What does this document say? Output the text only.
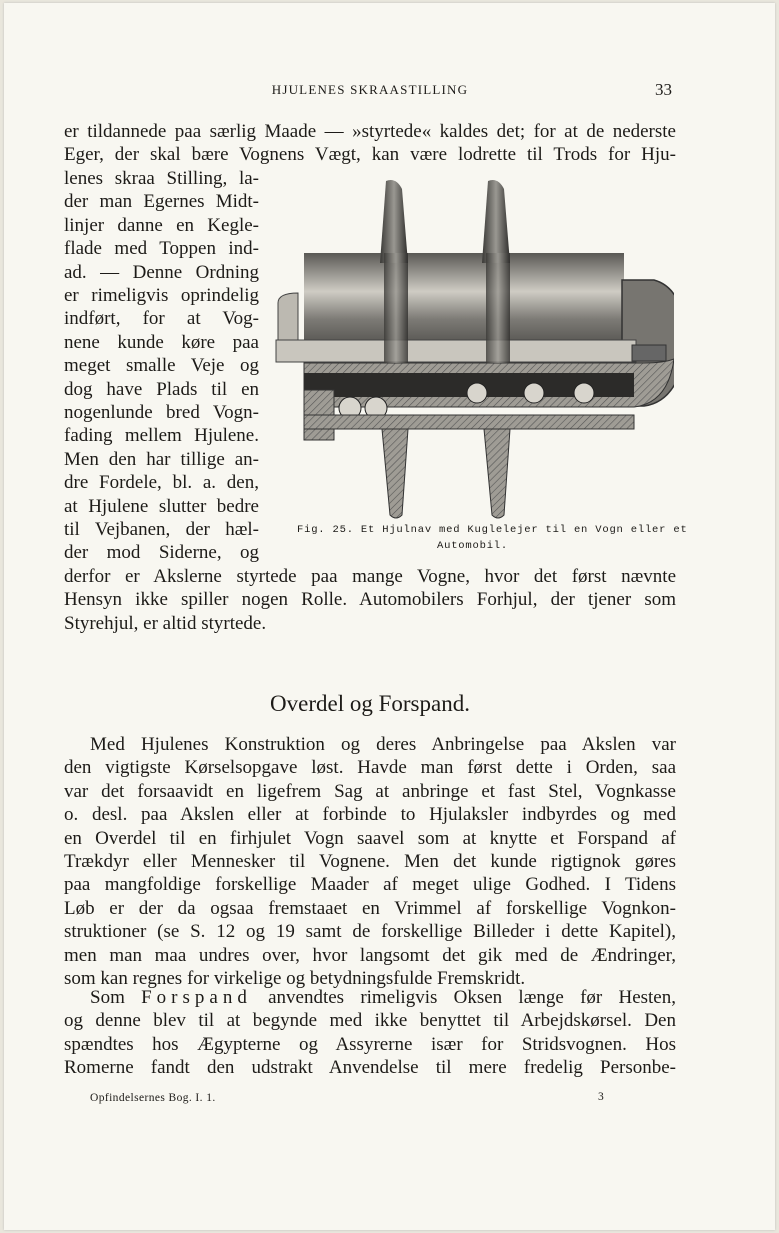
HJULENES SKRAASTILLING	33
er tildannede paa særlig Maade — »styrtede« kaldes det; for at de nederste
Eger, der skal bære Vognens Vægt, kan være lodrette til Trods for Hju-
lenes skraa Stilling, la-
der man Egernes Midt-
linjer danne en Kegle-
flade med Toppen ind-
ad. — Denne Ordning
er rimeligvis oprindelig
indført, for at Vog-
nene kunde køre paa
meget smalle Veje og
dog have Plads til en
nogenlunde bred Vogn-
fading mellem Hjulene.
Men den har tillige an-
dre Fordele, bl. a. den,
at Hjulene slutter bedre
til Vejbanen, der hæl-
der mod Siderne, og
derfor er Akslerne styrtede paa mange Vogne, hvor det først nævnte
Hensyn ikke spiller nogen Rolle. Automobilers Forhjul, der tjener som
Styrehjul, er altid styrtede.
Med Hjulenes Konstruktion og deres Anbringelse paa Akslen var
den vigtigste Kørselsopgave løst. Havde man først dette i Orden, saa
var det forsaavidt en ligefrem Sag at anbringe et fast Stel, Vognkasse
o. desl. paa Akslen eller at forbinde to Hjulaksler indbyrdes og med
en Overdel til en firhjulet Vogn saavel som at knytte et Forspand af
Trækdyr eller Mennesker til Vognene. Men det kunde rigtignok gøres
paa mangfoldige forskellige Maader af meget ulige Godhed. I Tidens
Løb er der da ogsaa fremstaaet en Vrimmel af forskellige Vognkon-
struktioner (se S. 12 og 19 samt de forskellige Billeder i dette Kapitel),
men man maa undres over, hvor langsomt det gik med de Ændringer,
som kan regnes for virkelige og betydningsfulde Fremskridt.
og denne blev til at begynde med ikke benyttet til Arbejdskørsel. Den
spændtes hos Ægypterne og Assyrerne især for Stridsvognen. Hos
Romerne fandt den udstrakt Anvendelse til mere fredelig Personbe-
Overdel og Forspand.
Som Forspand anvendtes rimeligvis Oksen længe før Hesten,
Fig. 25. Et Hjulnav med Kuglelejer til en Vogn eller et
Automobil.
Opfindelsernes Bog. I. 1.	3
